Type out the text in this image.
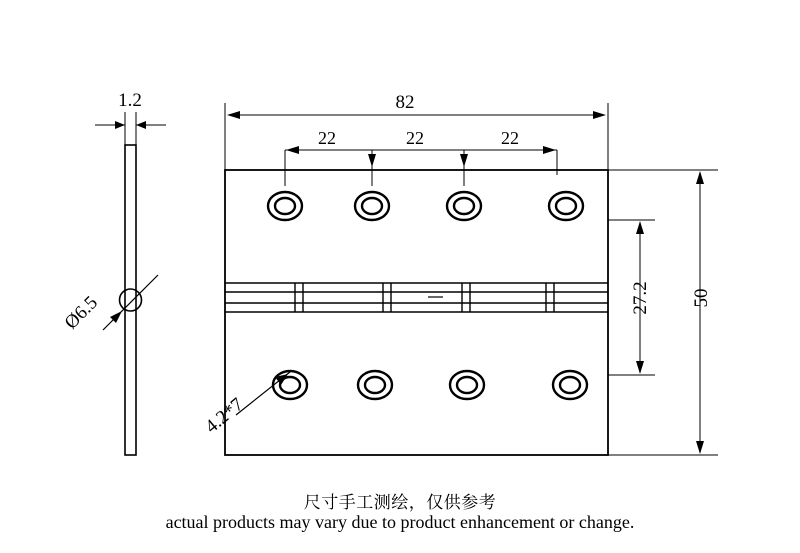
1.2
Ø6.5
82
22	22	22
27.2 50
4.2*7
尺寸手工测绘，仅供参考
actual products may vary due to product enhancement or change.
